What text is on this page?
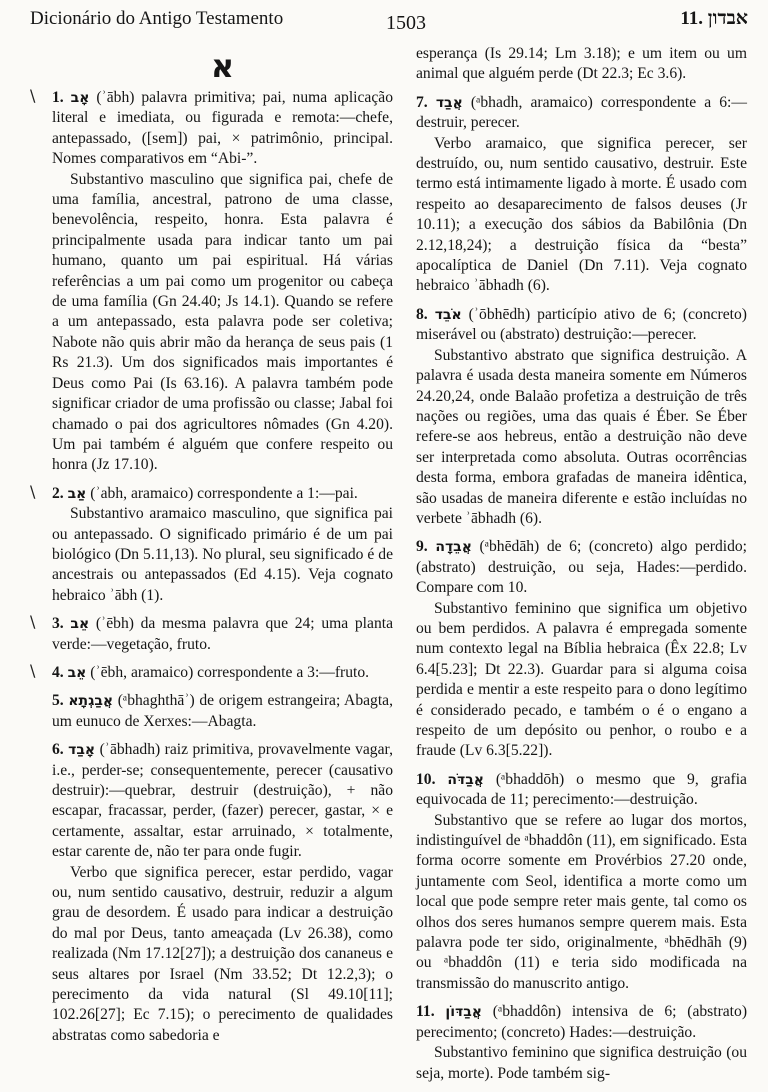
Dicionário do Antigo Testamento	1503	11. אבדון
א
\ 1. אָב (ʾābh) palavra primitiva; pai, numa aplicação literal e imediata, ou figurada e remota:—chefe, antepassado, ([sem]) pai, × patrimônio, principal. Nomes comparativos em “Abi-”.

Substantivo masculino que significa pai, chefe de uma família, ancestral, patrono de uma classe, benevolência, respeito, honra. Esta palavra é principalmente usada para indicar tanto um pai humano, quanto um pai espiritual. Há várias referências a um pai como um progenitor ou cabeça de uma família (Gn 24.40; Js 14.1). Quando se refere a um antepassado, esta palavra pode ser coletiva; Nabote não quis abrir mão da herança de seus pais (1 Rs 21.3). Um dos significados mais importantes é Deus como Pai (Is 63.16). A palavra também pode significar criador de uma profissão ou classe; Jabal foi chamado o pai dos agricultores nômades (Gn 4.20). Um pai também é alguém que confere respeito ou honra (Jz 17.10).

\ 2. אַב (ʾabh, aramaico) correspondente a 1:—pai.

Substantivo aramaico masculino, que significa pai ou antepassado. O significado primário é de um pai biológico (Dn 5.11,13). No plural, seu significado é de ancestrais ou antepassados (Ed 4.15). Veja cognato hebraico ʾābh (1).

\ 3. אֵב (ʾēbh) da mesma palavra que 24; uma planta verde:—vegetação, fruto.

\ 4. אֵב (ʾēbh, aramaico) correspondente a 3:—fruto.

5. אֲבַגְתָא (ᵃbhaghthāʾ) de origem estrangeira; Abagta, um eunuco de Xerxes:—Abagta.

6. אָבַד (ʾābhadh) raiz primitiva, provavelmente vagar, i.e., perder-se; consequentemente, perecer (causativo destruir):—quebrar, destruir (destruição), + não escapar, fracassar, perder, (fazer) perecer, gastar, × e certamente, assaltar, estar arruinado, × totalmente, estar carente de, não ter para onde fugir.

Verbo que significa perecer, estar perdido, vagar ou, num sentido causativo, destruir, reduzir a algum grau de desordem. É usado para indicar a destruição do mal por Deus, tanto ameaçada (Lv 26.38), como realizada (Nm 17.12[27]); a destruição dos cananeus e seus altares por Israel (Nm 33.52; Dt 12.2,3); o perecimento da vida natural (Sl 49.10[11]; 102.26[27]; Ec 7.15); o perecimento de qualidades abstratas como sabedoria e

esperança (Is 29.14; Lm 3.18); e um item ou um animal que alguém perde (Dt 22.3; Ec 3.6).

7. אֲבַד (ᵃbhadh, aramaico) correspondente a 6:—destruir, perecer.

Verbo aramaico, que significa perecer, ser destruído, ou, num sentido causativo, destruir. Este termo está intimamente ligado à morte. É usado com respeito ao desaparecimento de falsos deuses (Jr 10.11); a execução dos sábios da Babilônia (Dn 2.12,18,24); a destruição física da “besta” apocalíptica de Daniel (Dn 7.11). Veja cognato hebraico ʾābhadh (6).

8. אֹבֵד (ʾōbhēdh) particípio ativo de 6; (concreto) miserável ou (abstrato) destruição:—perecer.

Substantivo abstrato que significa destruição. A palavra é usada desta maneira somente em Números 24.20,24, onde Balaão profetiza a destruição de três nações ou regiões, uma das quais é Éber. Se Éber refere-se aos hebreus, então a destruição não deve ser interpretada como absoluta. Outras ocorrências desta forma, embora grafadas de maneira idêntica, são usadas de maneira diferente e estão incluídas no verbete ʾābhadh (6).

9. אֲבֵדָה (ᵃbhēdāh) de 6; (concreto) algo perdido; (abstrato) destruição, ou seja, Hades:—perdido. Compare com 10.

Substantivo feminino que significa um objetivo ou bem perdidos. A palavra é empregada somente num contexto legal na Bíblia hebraica (Êx 22.8; Lv 6.4[5.23]; Dt 22.3). Guardar para si alguma coisa perdida e mentir a este respeito para o dono legítimo é considerado pecado, e também o é o engano a respeito de um depósito ou penhor, o roubo e a fraude (Lv 6.3[5.22]).

10. אֲבַדֹּה (ᵃbhaddōh) o mesmo que 9, grafia equivocada de 11; perecimento:—destruição.

Substantivo que se refere ao lugar dos mortos, indistinguível de ᵃbhaddôn (11), em significado. Esta forma ocorre somente em Provérbios 27.20 onde, juntamente com Seol, identifica a morte como um local que pode sempre reter mais gente, tal como os olhos dos seres humanos sempre querem mais. Esta palavra pode ter sido, originalmente, ᵃbhēdhāh (9) ou ᵃbhaddôn (11) e teria sido modificada na transmissão do manuscrito antigo.

11. אֲבַדּוֹן (ᵃbhaddôn) intensiva de 6; (abstrato) perecimento; (concreto) Hades:—destruição.

Substantivo feminino que significa destruição (ou seja, morte). Pode também sig-
